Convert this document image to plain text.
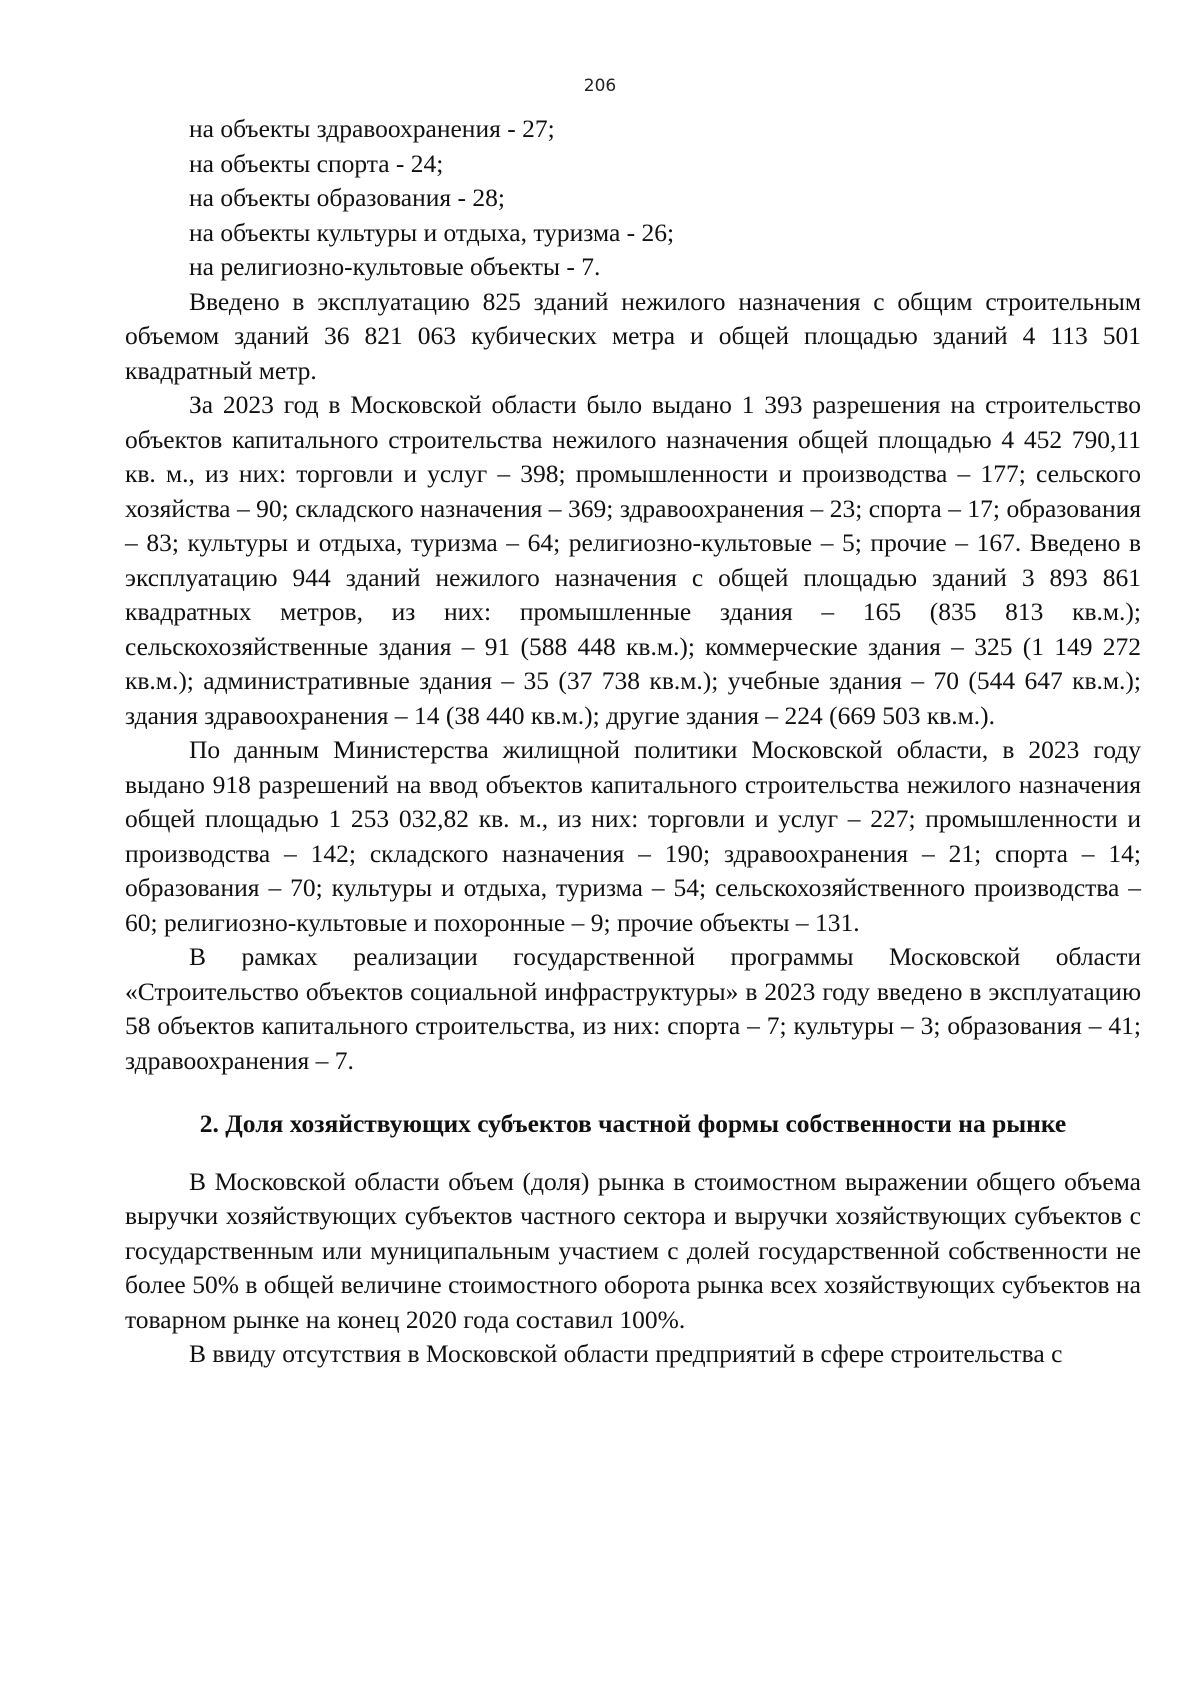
206

на объекты здравоохранения - 27;

на объекты спорта - 24;

на объекты образования - 28;

на объекты культуры и отдыха, туризма - 26;

на религиозно-культовые объекты - 7.

Введено в эксплуатацию 825 зданий нежилого назначения с общим строительным объемом зданий 36 821 063 кубических метра и общей площадью зданий 4 113 501 квадратный метр.

За 2023 год в Московской области было выдано 1 393 разрешения на строительство объектов капитального строительства нежилого назначения общей площадью 4 452 790,11 кв. м., из них: торговли и услуг – 398; промышленности и производства – 177; сельского хозяйства – 90; складского назначения – 369; здравоохранения – 23; спорта – 17; образования – 83; культуры и отдыха, туризма – 64; религиозно-культовые – 5; прочие – 167. Введено в эксплуатацию 944 зданий нежилого назначения с общей площадью зданий 3 893 861 квадратных метров, из них: промышленные здания – 165 (835 813 кв.м.); сельскохозяйственные здания – 91 (588 448 кв.м.); коммерческие здания – 325 (1 149 272 кв.м.); административные здания – 35 (37 738 кв.м.); учебные здания – 70 (544 647 кв.м.); здания здравоохранения – 14 (38 440 кв.м.); другие здания – 224 (669 503 кв.м.).

По данным Министерства жилищной политики Московской области, в 2023 году выдано 918 разрешений на ввод объектов капитального строительства нежилого назначения общей площадью 1 253 032,82 кв. м., из них: торговли и услуг – 227; промышленности и производства – 142; складского назначения – 190; здравоохранения – 21; спорта – 14; образования – 70; культуры и отдыха, туризма – 54; сельскохозяйственного производства – 60; религиозно-культовые и похоронные – 9; прочие объекты – 131.

В рамках реализации государственной программы Московской области «Строительство объектов социальной инфраструктуры» в 2023 году введено в эксплуатацию 58 объектов капитального строительства, из них: спорта – 7; культуры – 3; образования – 41; здравоохранения – 7.

2. Доля хозяйствующих субъектов частной формы собственности на рынке

В Московской области объем (доля) рынка в стоимостном выражении общего объема выручки хозяйствующих субъектов частного сектора и выручки хозяйствующих субъектов с государственным или муниципальным участием с долей государственной собственности не более 50% в общей величине стоимостного оборота рынка всех хозяйствующих субъектов на товарном рынке на конец 2020 года составил 100%.

В ввиду отсутствия в Московской области предприятий в сфере строительства с
